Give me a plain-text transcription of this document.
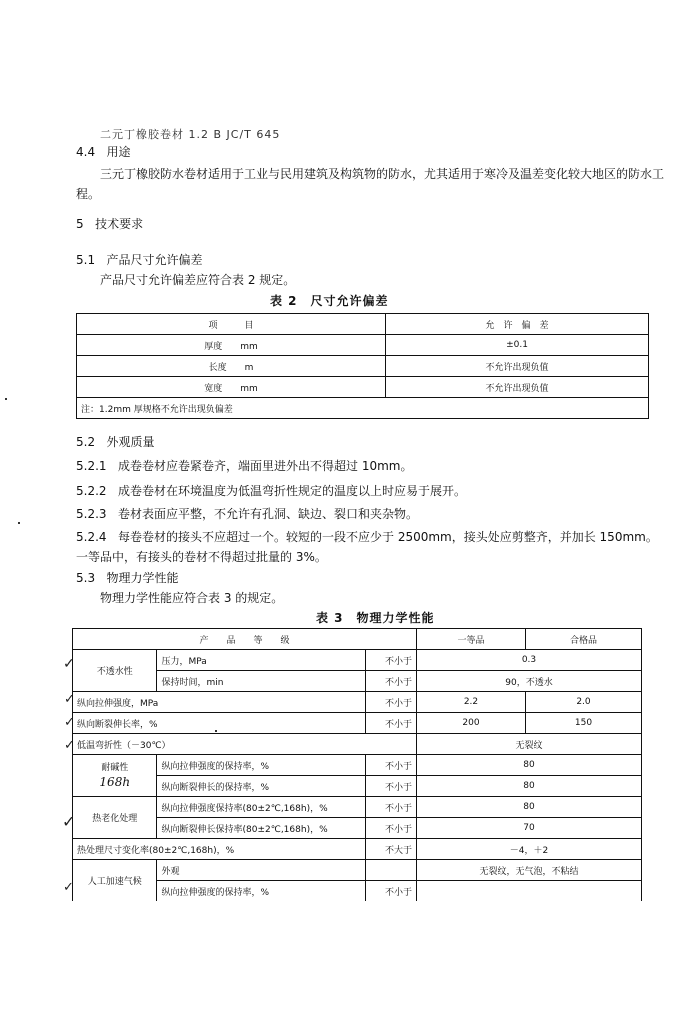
二元丁橡胶卷材 1.2 B JC/T 645
4.4 用途
三元丁橡胶防水卷材适用于工业与民用建筑及构筑物的防水，尤其适用于寒冷及温差变化较大地区的防水工程。
5 技术要求
5.1 产品尺寸允许偏差
产品尺寸允许偏差应符合表 2 规定。
表 2　尺寸允许偏差
项　　　目	允　许　偏　差
厚度　　mm	±0.1
长度　　m	不允许出现负值
宽度　　mm	不允许出现负值
注：1.2mm 厚规格不允许出现负偏差	
5.2 外观质量
5.2.1 成卷卷材应卷紧卷齐，端面里进外出不得超过 10mm。
5.2.2 成卷卷材在环境温度为低温弯折性规定的温度以上时应易于展开。
5.2.3 卷材表面应平整，不允许有孔洞、缺边、裂口和夹杂物。
5.2.4 每卷卷材的接头不应超过一个。较短的一段不应少于 2500mm，接头处应剪整齐，并加长 150mm。一等品中，有接头的卷材不得超过批量的 3%。
5.3 物理力学性能
物理力学性能应符合表 3 的规定。
表 3　物理力学性能
产　　品　　等　　级			一等品	合格品
不透水性	压力，MPa	不小于	0.3	
	保持时间，min	不小于	90，不透水	
纵向拉伸强度，MPa		不小于	2.2	2.0
纵向断裂伸长率，%		不小于	200	150
低温弯折性（－30℃）			无裂纹	
耐碱性
168h	纵向拉伸强度的保持率，%	不小于	80	
	纵向断裂伸长的保持率，%	不小于	80	
热老化处理	纵向拉伸强度保持率(80±2℃,168h)，%	不小于	80	
	纵向断裂伸长保持率(80±2℃,168h)，%	不小于	70	
热处理尺寸变化率(80±2℃,168h)，%		不大于	－4，＋2	
人工加速气候	外观		无裂纹，无气泡，不粘结	
	纵向拉伸强度的保持率，%	不小于		
✓
✓
✓
✓
✓
✓
